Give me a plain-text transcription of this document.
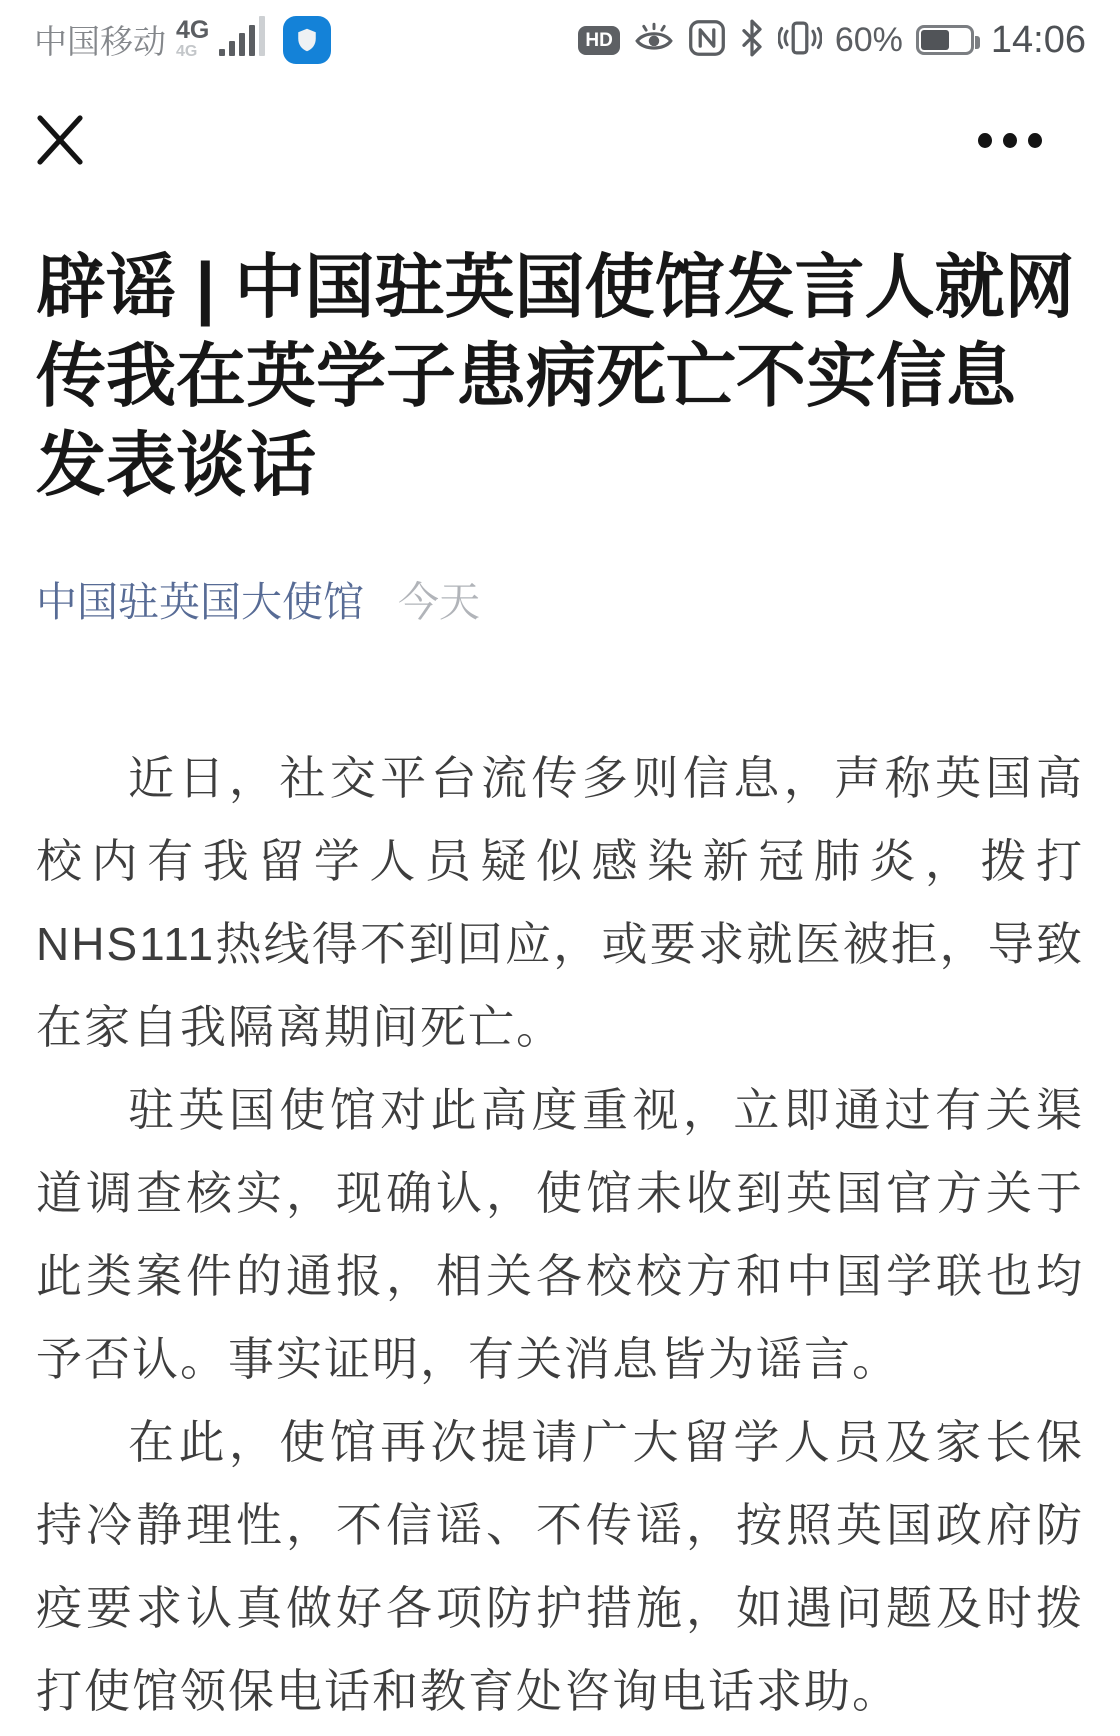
中国移动 4G
4G
HD	60% 14:06
辟谣 | 中国驻英国使馆发言人就网传我在英学子患病死亡不实信息发表谈话
中国驻英国大使馆 今天

近日，社交平台流传多则信息，声称英国高校内有我留学人员疑似感染新冠肺炎，拨打NHS111热线得不到回应，或要求就医被拒，导致在家自我隔离期间死亡。

驻英国使馆对此高度重视，立即通过有关渠道调查核实，现确认，使馆未收到英国官方关于此类案件的通报，相关各校校方和中国学联也均予否认。事实证明，有关消息皆为谣言。

在此，使馆再次提请广大留学人员及家长保持冷静理性，不信谣、不传谣，按照英国政府防疫要求认真做好各项防护措施，如遇问题及时拨打使馆领保电话和教育处咨询电话求助。
